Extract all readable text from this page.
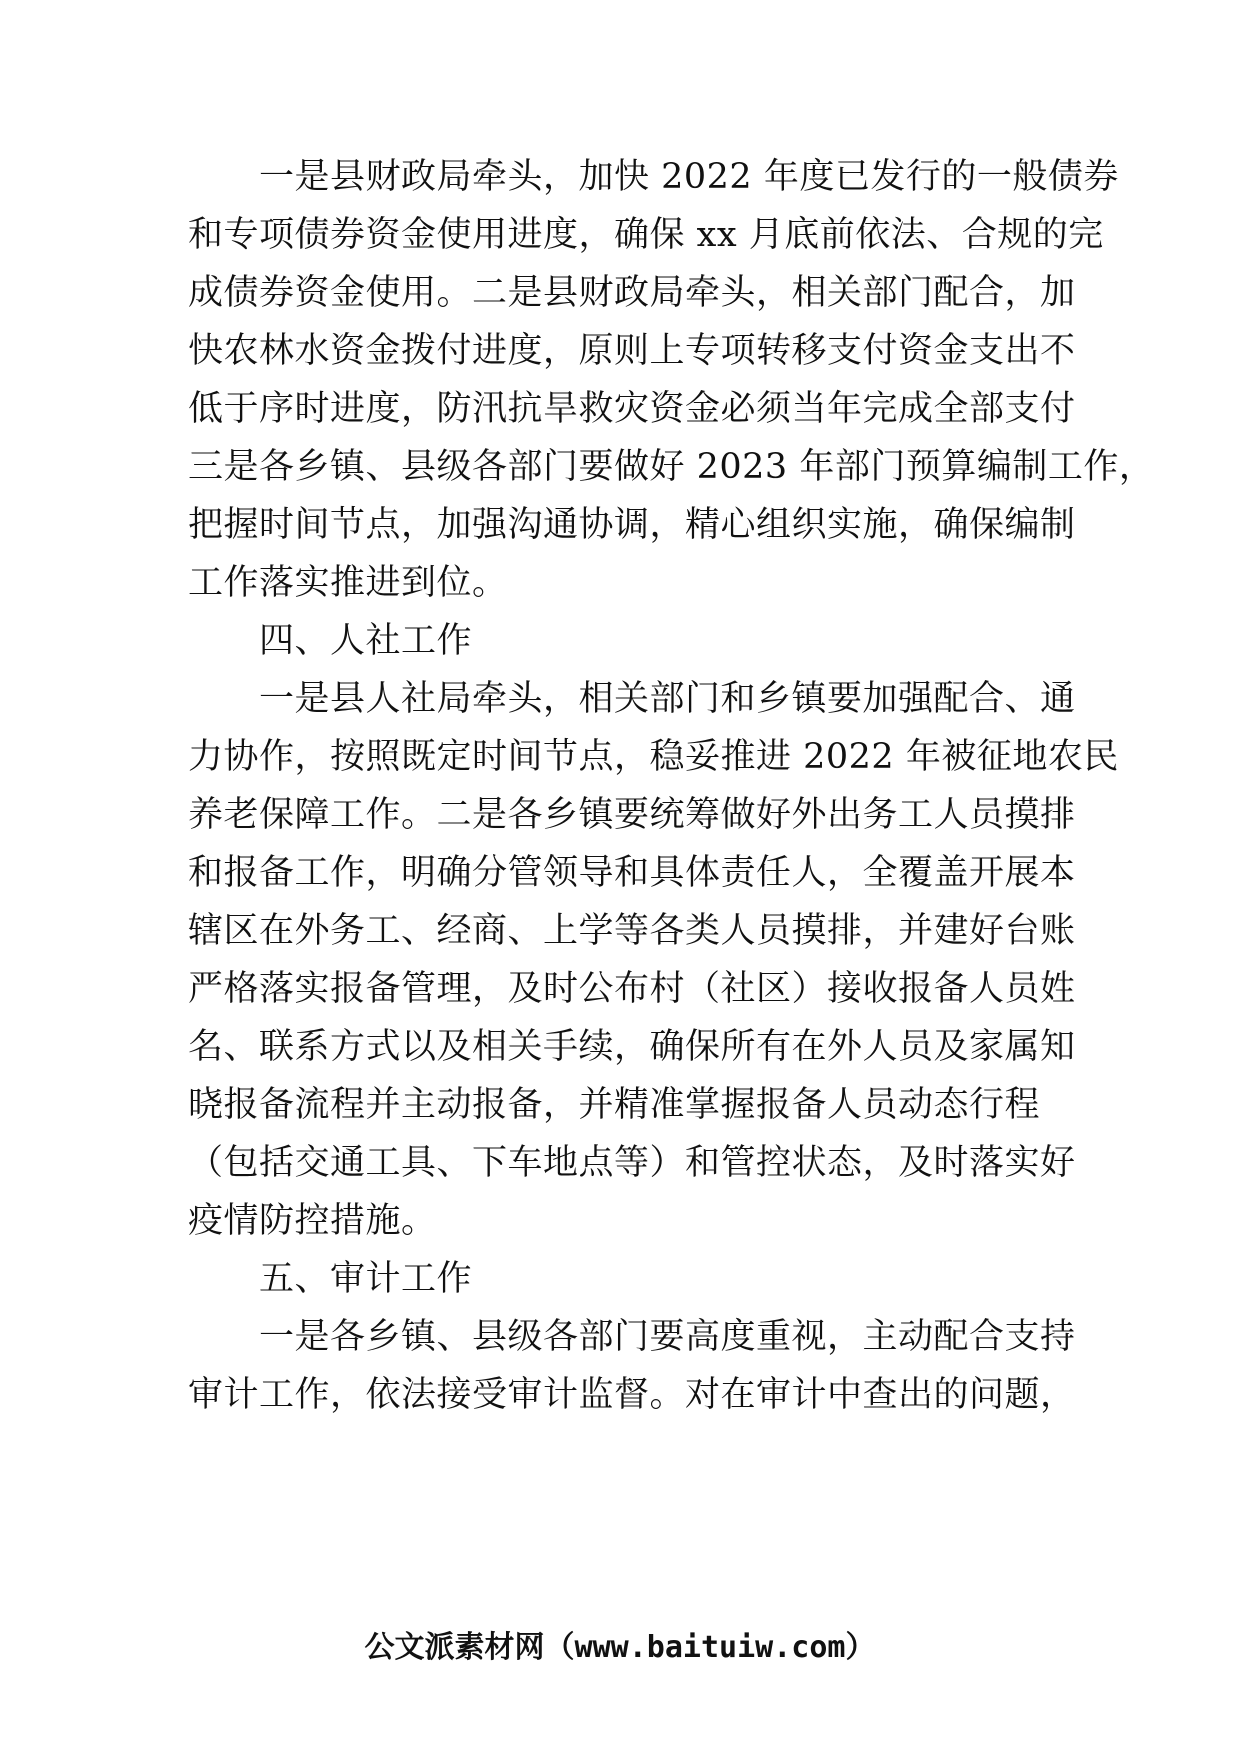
　　一是县财政局牵头，加快 2022 年度已发行的一般债券
和专项债券资金使用进度，确保 xx 月底前依法、合规的完
成债券资金使用。二是县财政局牵头，相关部门配合，加
快农林水资金拨付进度，原则上专项转移支付资金支出不
低于序时进度，防汛抗旱救灾资金必须当年完成全部支付
三是各乡镇、县级各部门要做好 2023 年部门预算编制工作，
把握时间节点，加强沟通协调，精心组织实施，确保编制
工作落实推进到位。
　　四、人社工作
　　一是县人社局牵头，相关部门和乡镇要加强配合、通
力协作，按照既定时间节点，稳妥推进 2022 年被征地农民
养老保障工作。二是各乡镇要统筹做好外出务工人员摸排
和报备工作，明确分管领导和具体责任人，全覆盖开展本
辖区在外务工、经商、上学等各类人员摸排，并建好台账
严格落实报备管理，及时公布村（社区）接收报备人员姓
名、联系方式以及相关手续，确保所有在外人员及家属知
晓报备流程并主动报备，并精准掌握报备人员动态行程
（包括交通工具、下车地点等）和管控状态，及时落实好
疫情防控措施。
　　五、审计工作
　　一是各乡镇、县级各部门要高度重视，主动配合支持
审计工作，依法接受审计监督。对在审计中查出的问题，
公文派素材网（www.baituiw.com）
